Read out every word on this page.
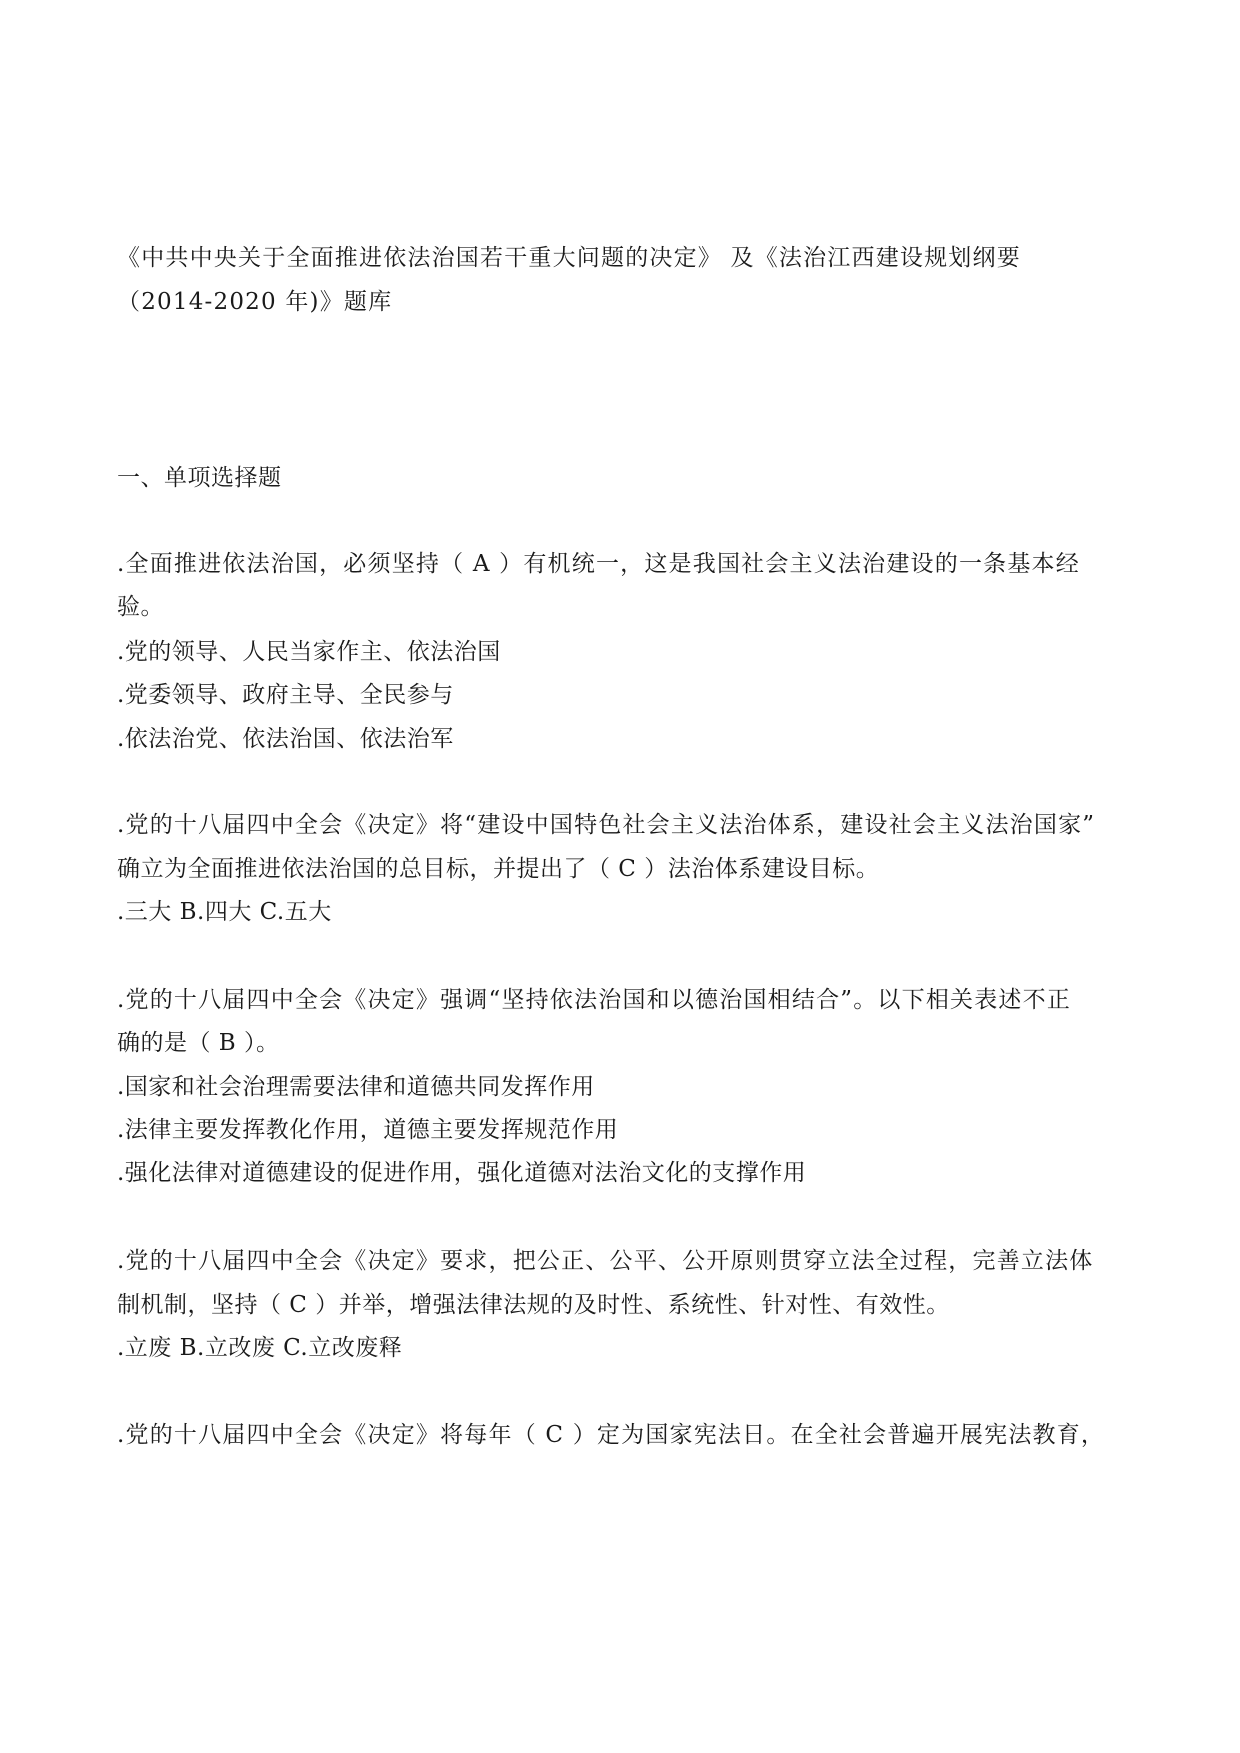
《中共中央关于全面推进依法治国若干重大问题的决定》 及《法治江西建设规划纲要
（2014-2020 年)》题库
一、单项选择题
.全面推进依法治国，必须坚持（ A ）有机统一，这是我国社会主义法治建设的一条基本经
验。
.党的领导、人民当家作主、依法治国
.党委领导、政府主导、全民参与
.依法治党、依法治国、依法治军
.党的十八届四中全会《决定》将“建设中国特色社会主义法治体系，建设社会主义法治国家”
确立为全面推进依法治国的总目标，并提出了（ C ）法治体系建设目标。
.三大 B.四大 C.五大
.党的十八届四中全会《决定》强调“坚持依法治国和以德治国相结合”。以下相关表述不正
确的是（ B ）。
.国家和社会治理需要法律和道德共同发挥作用
.法律主要发挥教化作用，道德主要发挥规范作用
.强化法律对道德建设的促进作用，强化道德对法治文化的支撑作用
.党的十八届四中全会《决定》要求，把公正、公平、公开原则贯穿立法全过程，完善立法体
制机制，坚持（ C ）并举，增强法律法规的及时性、系统性、针对性、有效性。
.立废 B.立改废 C.立改废释
.党的十八届四中全会《决定》将每年（ C ）定为国家宪法日。在全社会普遍开展宪法教育，
